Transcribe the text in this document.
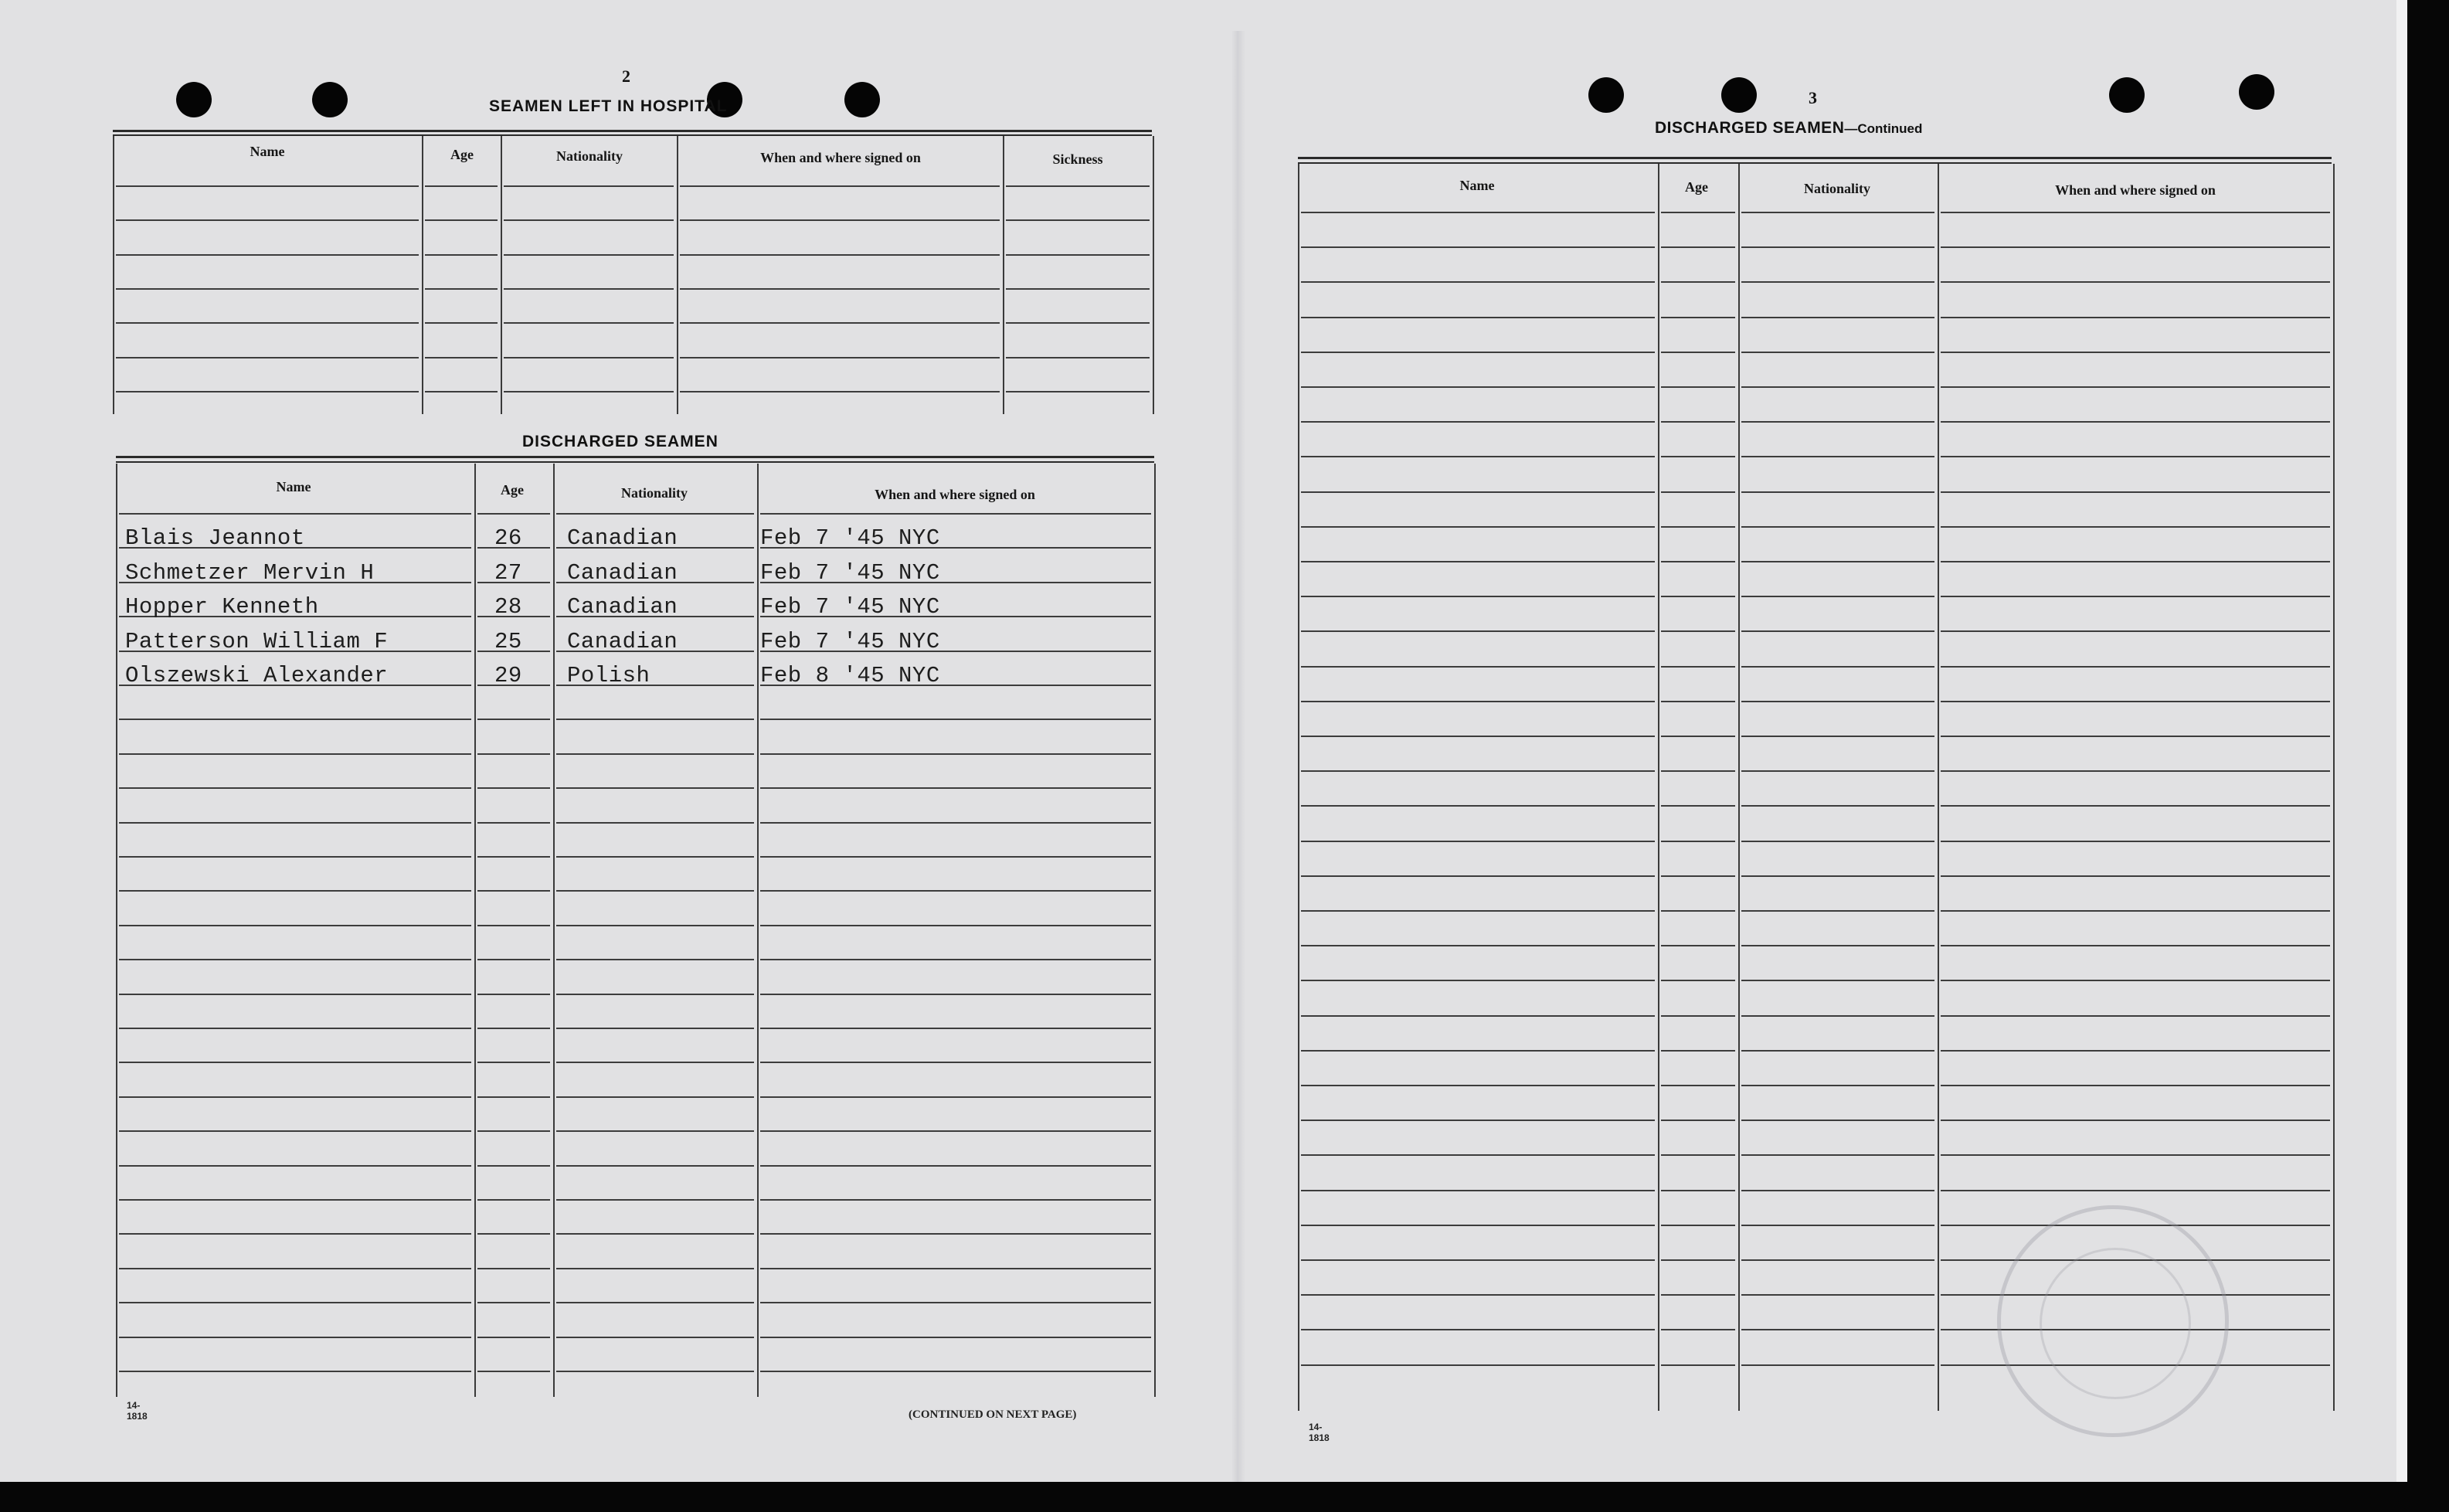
2
SEAMEN LEFT IN HOSPITAL
Name	Age	Nationality	When and where signed on	Sickness
DISCHARGED SEAMEN
Name	Age	Nationality	When and where signed on
Blais Jeannot	26 Canadian	Feb 7 '45 NYC
Schmetzer Mervin H	27 Canadian	Feb 7 '45 NYC
Hopper Kenneth	28 Canadian	Feb 7 '45 NYC
Patterson William F	25 Canadian	Feb 7 '45 NYC
Olszewski Alexander	29 Polish	Feb 8 '45 NYC
14-1818	(CONTINUED ON NEXT PAGE)
3
DISCHARGED SEAMEN—Continued
Name	Age	Nationality	When and where signed on
14-1818
